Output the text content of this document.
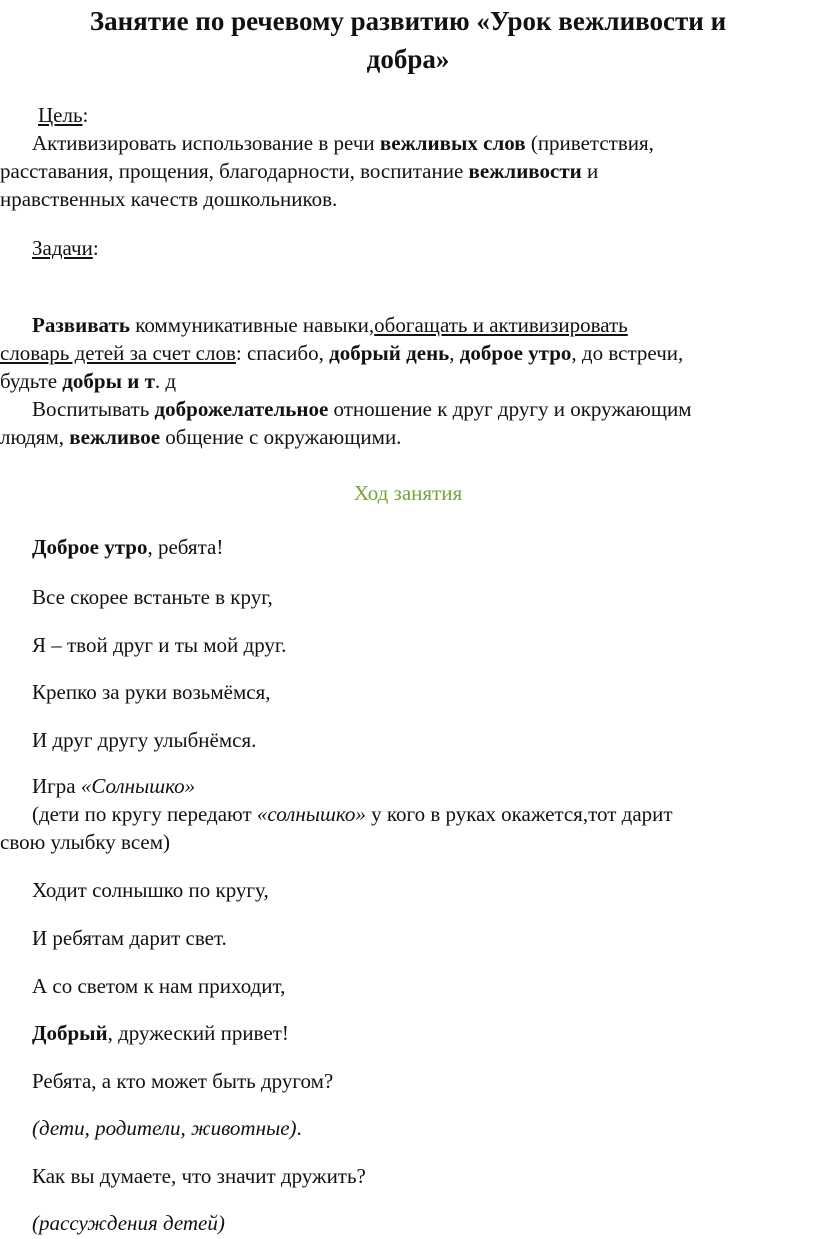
Занятие по речевому развитию «Урок вежливости и
добра»
Цель:
Активизировать использование в речи вежливых слов (приветствия,
расставания, прощения, благодарности, воспитание вежливости и
нравственных качеств дошкольников.
Задачи:
Развивать коммуникативные навыки,обогащать и активизировать
словарь детей за счет слов: спасибо, добрый день, доброе утро, до встречи,
будьте добры и т. д
Воспитывать доброжелательное отношение к друг другу и окружающим
людям, вежливое общение с окружающими.
Ход занятия
Доброе утро, ребята!
Все скорее встаньте в круг,
Я – твой друг и ты мой друг.
Крепко за руки возьмёмся,
И друг другу улыбнёмся.
Игра «Солнышко»
(дети по кругу передают «солнышко» у кого в руках окажется,тот дарит
свою улыбку всем)
Ходит солнышко по кругу,
И ребятам дарит свет.
А со светом к нам приходит,
Добрый, дружеский привет!
Ребята, а кто может быть другом?
(дети, родители, животные).
Как вы думаете, что значит дружить?
(рассуждения детей)
